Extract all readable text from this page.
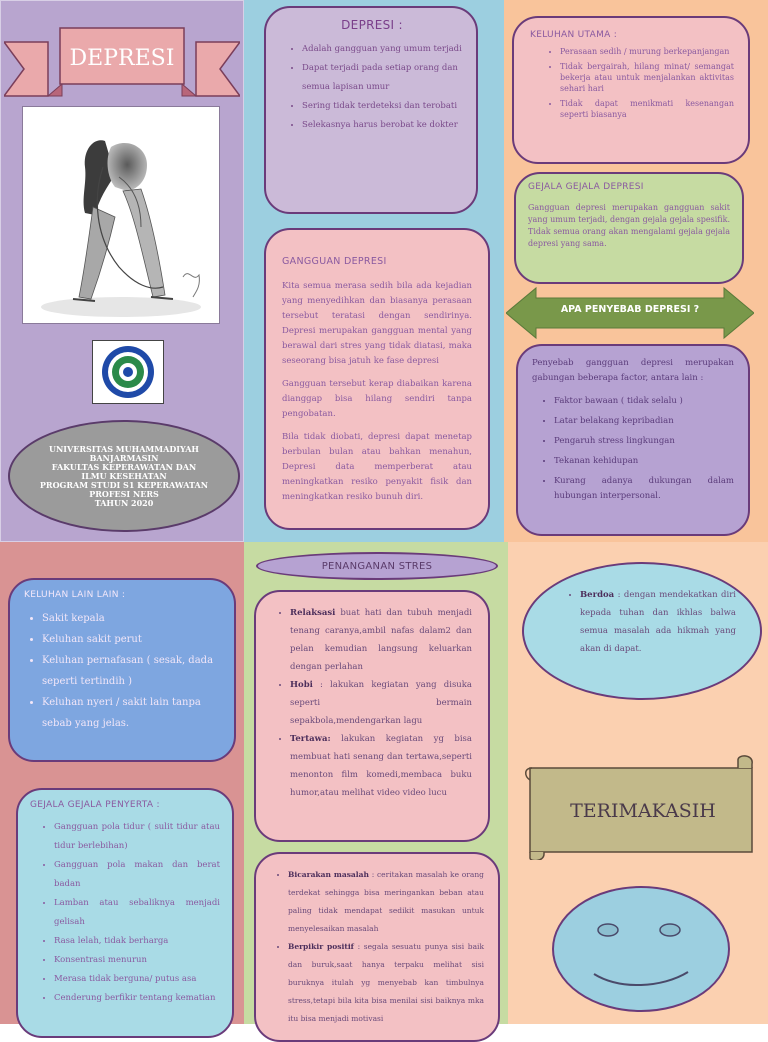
DEPRESI
UNIVERSITAS MUHAMMADIYAH BANJARMASIN
FAKULTAS KEPERAWATAN DAN ILMU KESEHATAN
PROGRAM STUDI S1 KEPERAWATAN PROFESI NERS
TAHUN 2020
DEPRESI :
• Adalah gangguan yang umum terjadi
• Dapat terjadi pada setiap orang dan semua lapisan umur
• Sering tidak terdeteksi dan terobati
• Selekasnya harus berobat ke dokter
GANGGUAN DEPRESI

Kita semua merasa sedih bila ada kejadian yang menyedihkan dan biasanya perasaan tersebut teratasi dengan sendirinya. Depresi merupakan gangguan mental yang berawal dari stres yang tidak diatasi, maka seseorang bisa jatuh ke fase depresi

Gangguan tersebut kerap diabaikan karena dianggap bisa hilang sendiri tanpa pengobatan.

Bila tidak diobati, depresi dapat menetap berbulan bulan atau bahkan menahun, Depresi data memperberat atau meningkatkan resiko penyakit fisik dan meningkatkan resiko bunuh diri.

KELUHAN UTAMA :
• Perasaan sedih / murung berkepanjangan
• Tidak bergairah, hilang minat/ semangat bekerja atau untuk menjalankan aktivitas sehari hari
• Tidak dapat menikmati kesenangan seperti biasanya
GEJALA GEJALA DEPRESI

Gangguan depresi merupakan gangguan sakit yang umum terjadi, dengan gejala gejala spesifik. Tidak semua orang akan mengalami gejala gejala depresi yang sama.

APA PENYEBAB DEPRESI ?

Penyebab gangguan depresi merupakan gabungan beberapa factor, antara lain :

• Faktor bawaan ( tidak selalu )
• Latar belakang kepribadian
• Pengaruh stress lingkungan
• Tekanan kehidupan
• Kurang adanya dukungan dalam hubungan interpersonal.
KELUHAN LAIN LAIN :
• Sakit kepala
• Keluhan sakit perut
• Keluhan pernafasan ( sesak, dada seperti tertindih )
• Keluhan nyeri / sakit lain tanpa sebab yang jelas.
GEJALA GEJALA PENYERTA :
• Gangguan pola tidur ( sulit tidur atau tidur berlebihan)
• Gangguan pola makan dan berat badan
• Lamban atau sebaliknya menjadi gelisah
• Rasa lelah, tidak berharga
• Konsentrasi menurun
• Merasa tidak berguna/ putus asa
• Cenderung berfikir tentang kematian
PENANGANAN STRES
• Relaksasi buat hati dan tubuh menjadi tenang caranya,ambil nafas dalam2 dan pelan kemudian langsung keluarkan dengan perlahan
• Hobi : lakukan kegiatan yang disuka seperti bermain sepakbola,mendengarkan lagu
• Tertawa: lakukan kegiatan yg bisa membuat hati senang dan tertawa,seperti menonton film komedi,membaca buku humor,atau melihat video video lucu
• Bicarakan masalah : ceritakan masalah ke orang terdekat sehingga bisa meringankan beban atau paling tidak mendapat sedikit masukan untuk menyelesaikan masalah
• Berpikir positif : segala sesuatu punya sisi baik dan buruk,saat hanya terpaku melihat sisi buruknya itulah yg menyebab kan timbulnya stress,tetapi bila kita bisa menilai sisi baiknya mka itu bisa menjadi motivasi
• Berdoa : dengan mendekatkan diri kepada tuhan dan ikhlas balwa semua masalah ada hikmah yang akan di dapat.
TERIMAKASIH
